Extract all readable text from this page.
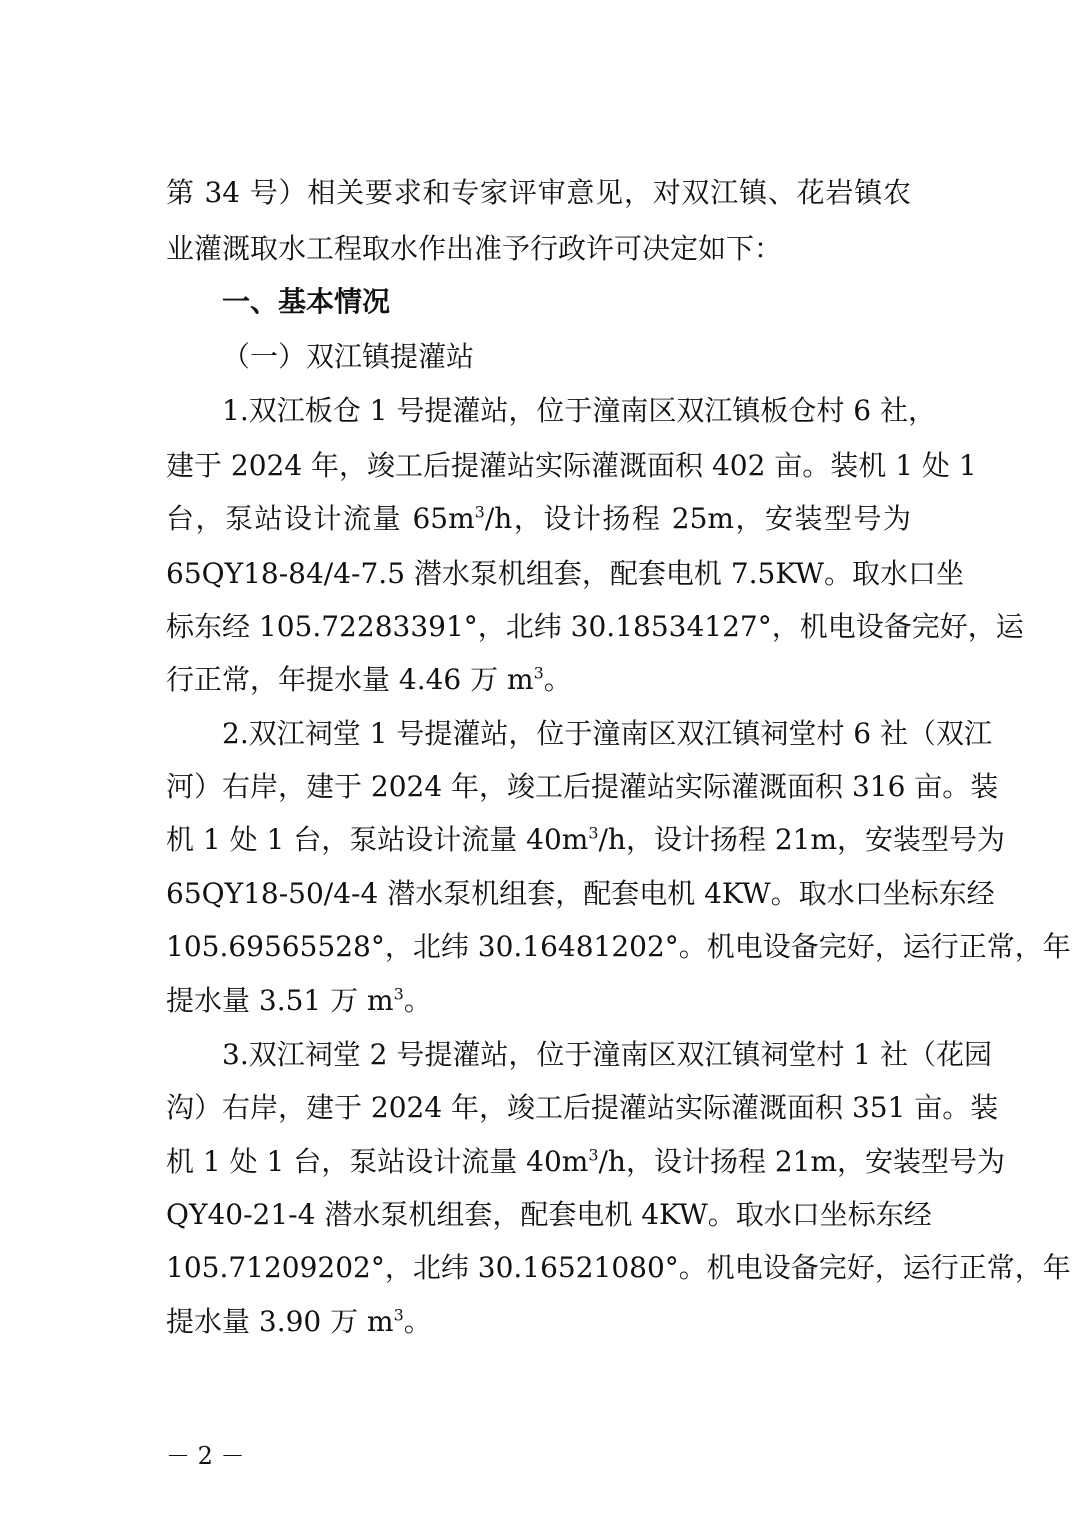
第 34 号）相关要求和专家评审意见，对双江镇、花岩镇农
业灌溉取水工程取水作出准予行政许可决定如下：
一、基本情况
（一）双江镇提灌站
1.双江板仓 1 号提灌站，位于潼南区双江镇板仓村 6 社，
建于 2024 年，竣工后提灌站实际灌溉面积 402 亩。装机 1 处 1
台，泵站设计流量 $65m^3/h$，设计扬程 25m，安装型号为
65QY18-84/4-7.5 潜水泵机组套，配套电机 7.5KW。取水口坐
标东经 105.72283391°，北纬 30.18534127°，机电设备完好，运
行正常，年提水量 4.46 万 $m^3$。
2.双江祠堂 1 号提灌站，位于潼南区双江镇祠堂村 6 社（双江
河）右岸，建于 2024 年，竣工后提灌站实际灌溉面积 316 亩。装
机 1 处 1 台，泵站设计流量 $40m^3/h$，设计扬程 21m，安装型号为
65QY18-50/4-4 潜水泵机组套，配套电机 4KW。取水口坐标东经
105.69565528°，北纬 30.16481202°。机电设备完好，运行正常，年
提水量 3.51 万 $m^3$。
3.双江祠堂 2 号提灌站，位于潼南区双江镇祠堂村 1 社（花园
沟）右岸，建于 2024 年，竣工后提灌站实际灌溉面积 351 亩。装
机 1 处 1 台，泵站设计流量 $40m^3/h$，设计扬程 21m，安装型号为
QY40-21-4 潜水泵机组套，配套电机 4KW。取水口坐标东经
105.71209202°，北纬 30.16521080°。机电设备完好，运行正常，年
提水量 3.90 万 $m^3$。
－ 2 －
